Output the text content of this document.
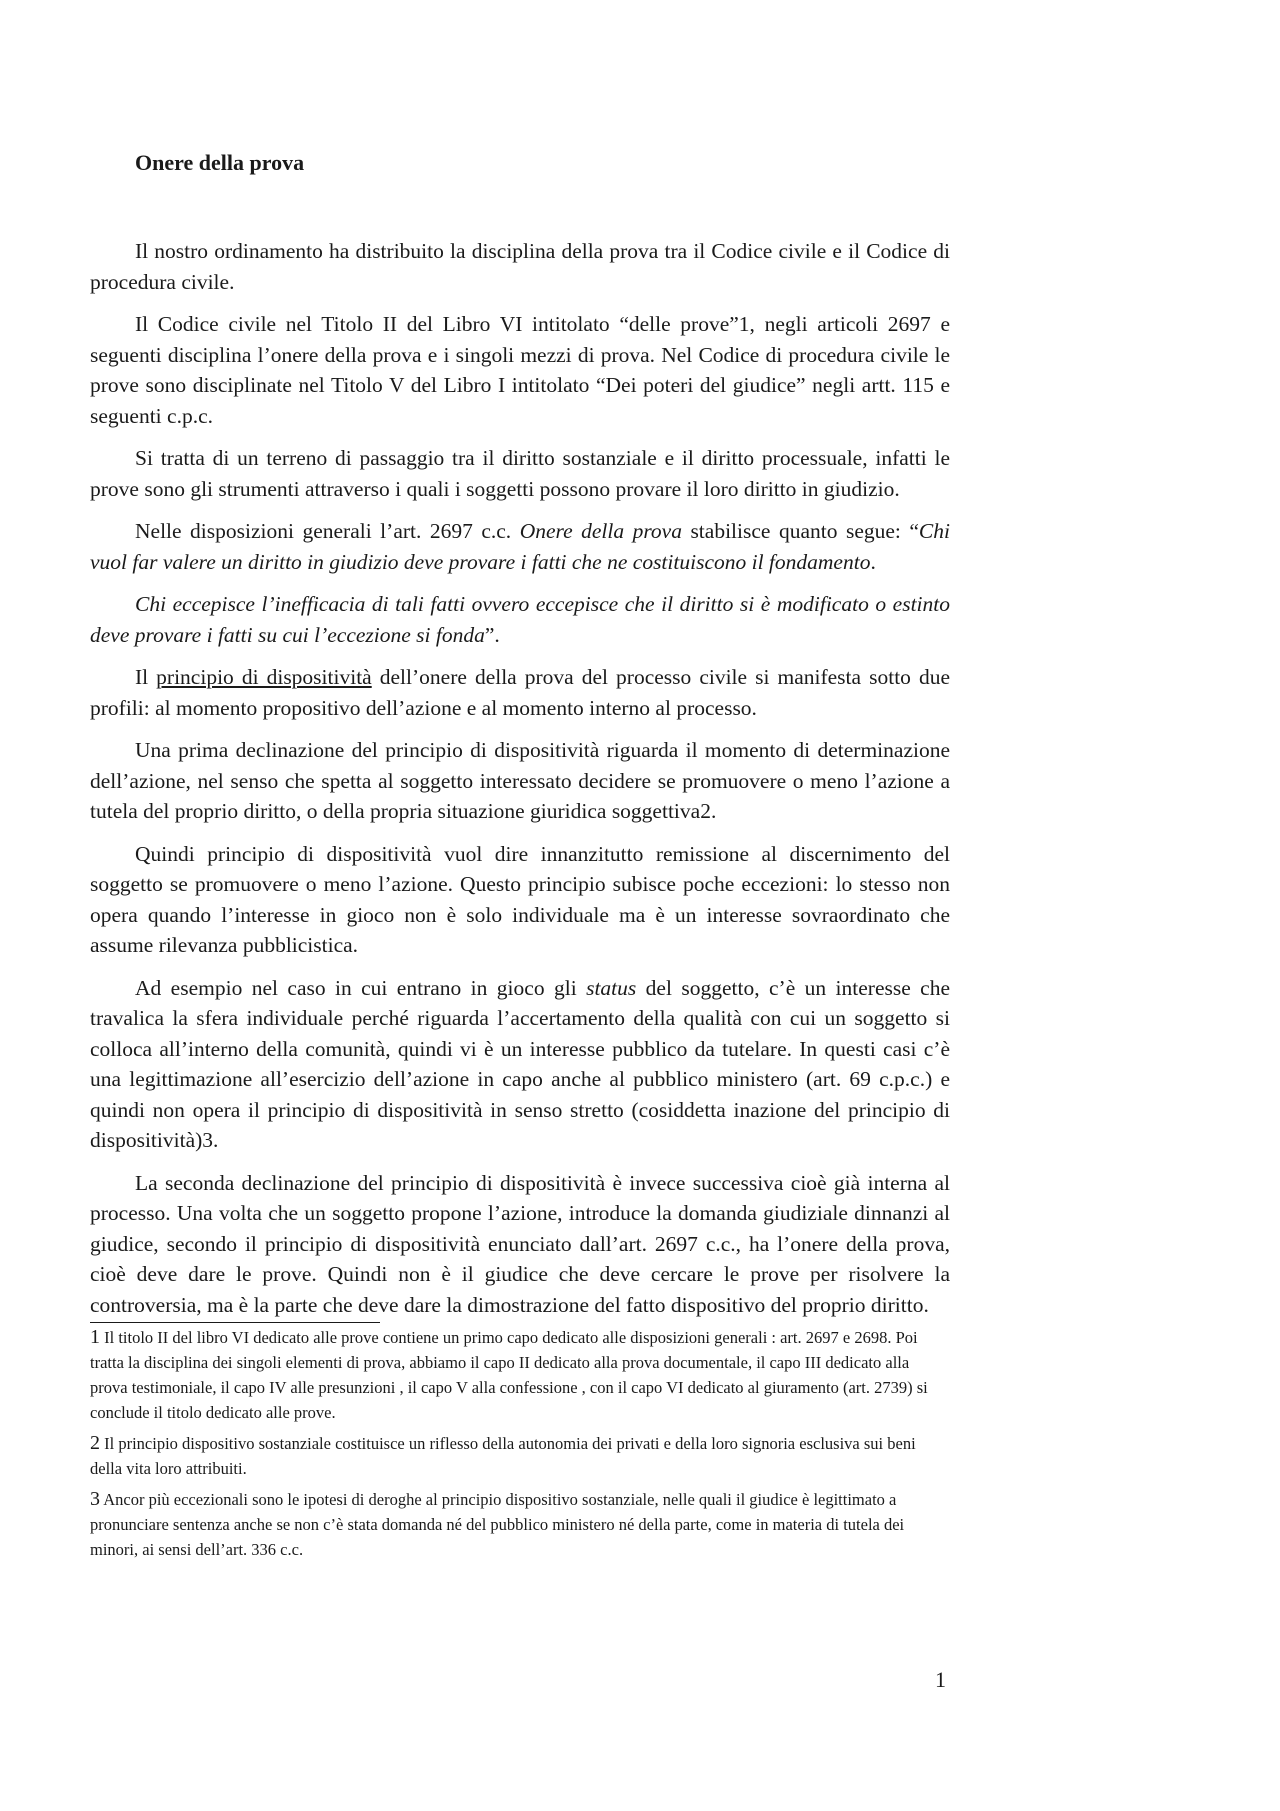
Onere della prova

Il nostro ordinamento ha distribuito la disciplina della prova tra il Codice civile e il Codice di procedura civile.

Il Codice civile nel Titolo II del Libro VI intitolato “delle prove”1, negli articoli 2697 e seguenti disciplina l’onere della prova e i singoli mezzi di prova. Nel Codice di procedura civile le prove sono disciplinate nel Titolo V del Libro I intitolato “Dei poteri del giudice” negli artt. 115 e seguenti c.p.c.

Si tratta di un terreno di passaggio tra il diritto sostanziale e il diritto processuale, infatti le prove sono gli strumenti attraverso i quali i soggetti possono provare il loro diritto in giudizio.

Nelle disposizioni generali l’art. 2697 c.c. Onere della prova stabilisce quanto segue: “Chi vuol far valere un diritto in giudizio deve provare i fatti che ne costituiscono il fondamento.

Chi eccepisce l’inefficacia di tali fatti ovvero eccepisce che il diritto si è modificato o estinto deve provare i fatti su cui l’eccezione si fonda”.

Il principio di dispositività dell’onere della prova del processo civile si manifesta sotto due profili: al momento propositivo dell’azione e al momento interno al processo.

Una prima declinazione del principio di dispositività riguarda il momento di determinazione dell’azione, nel senso che spetta al soggetto interessato decidere se promuovere o meno l’azione a tutela del proprio diritto, o della propria situazione giuridica soggettiva2.

Quindi principio di dispositività vuol dire innanzitutto remissione al discernimento del soggetto se promuovere o meno l’azione. Questo principio subisce poche eccezioni: lo stesso non opera quando l’interesse in gioco non è solo individuale ma è un interesse sovraordinato che assume rilevanza pubblicistica.

Ad esempio nel caso in cui entrano in gioco gli status del soggetto, c’è un interesse che travalica la sfera individuale perché riguarda l’accertamento della qualità con cui un soggetto si colloca all’interno della comunità, quindi vi è un interesse pubblico da tutelare. In questi casi c’è una legittimazione all’esercizio dell’azione in capo anche al pubblico ministero (art. 69 c.p.c.) e quindi non opera il principio di dispositività in senso stretto (cosiddetta inazione del principio di dispositività)3.

La seconda declinazione del principio di dispositività è invece successiva cioè già interna al processo. Una volta che un soggetto propone l’azione, introduce la domanda giudiziale dinnanzi al giudice, secondo il principio di dispositività enunciato dall’art. 2697 c.c., ha l’onere della prova, cioè deve dare le prove. Quindi non è il giudice che deve cercare le prove per risolvere la controversia, ma è la parte che deve dare la dimostrazione del fatto dispositivo del proprio diritto.

1 Il titolo II del libro VI dedicato alle prove contiene un primo capo dedicato alle disposizioni generali : art. 2697 e 2698. Poi tratta la disciplina dei singoli elementi di prova, abbiamo il capo II dedicato alla prova documentale, il capo III dedicato alla prova testimoniale, il capo IV alle presunzioni , il capo V alla confessione , con il capo VI dedicato al giuramento (art. 2739) si conclude il titolo dedicato alle prove.

2 Il principio dispositivo sostanziale costituisce un riflesso della autonomia dei privati e della loro signoria esclusiva sui beni della vita loro attribuiti.

3 Ancor più eccezionali sono le ipotesi di deroghe al principio dispositivo sostanziale, nelle quali il giudice è legittimato a pronunciare sentenza anche se non c’è stata domanda né del pubblico ministero né della parte, come in materia di tutela dei minori, ai sensi dell’art. 336 c.c.

1
